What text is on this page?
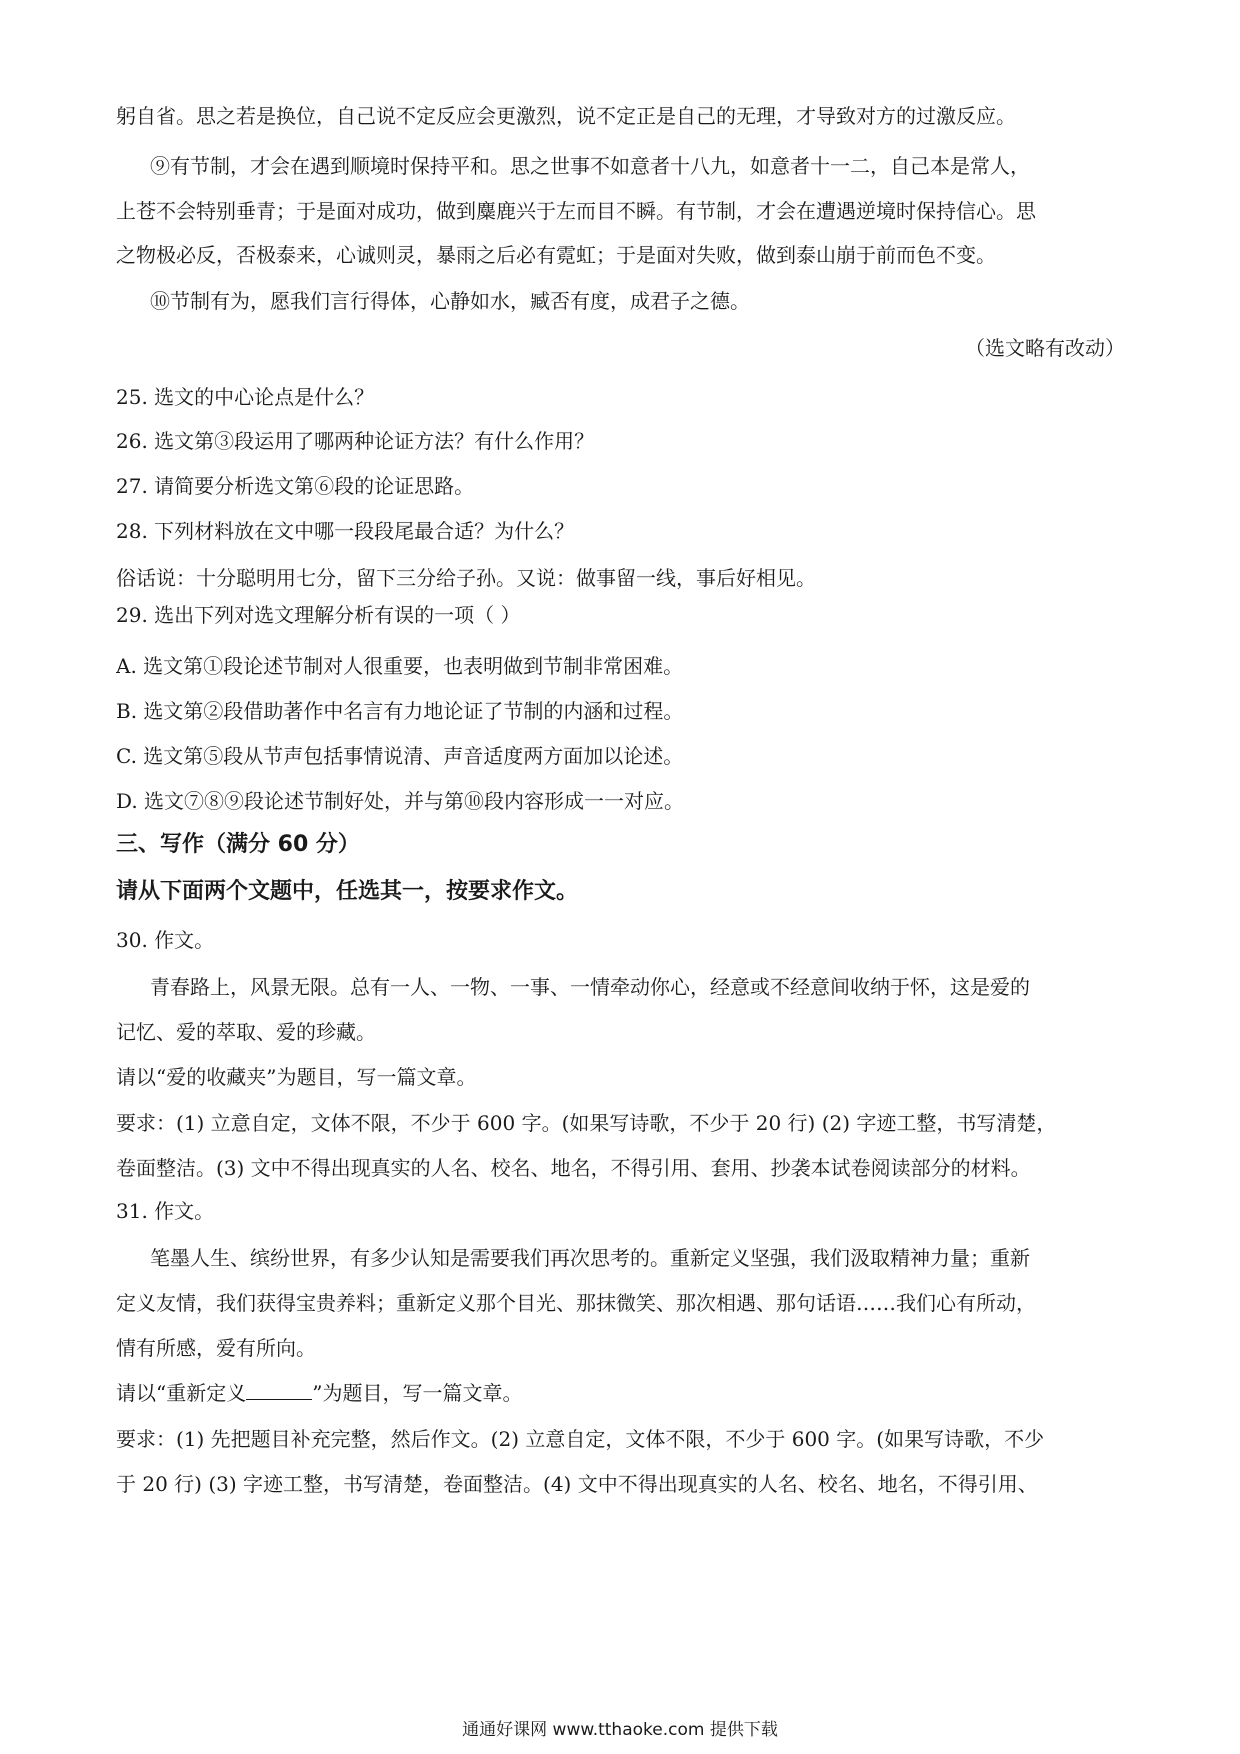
躬自省。思之若是换位，自己说不定反应会更激烈，说不定正是自己的无理，才导致对方的过激反应。
⑨有节制，才会在遇到顺境时保持平和。思之世事不如意者十八九，如意者十一二，自己本是常人，
上苍不会特别垂青；于是面对成功，做到麋鹿兴于左而目不瞬。有节制，才会在遭遇逆境时保持信心。思
之物极必反，否极泰来，心诚则灵，暴雨之后必有霓虹；于是面对失败，做到泰山崩于前而色不变。
⑩节制有为，愿我们言行得体，心静如水，臧否有度，成君子之德。
（选文略有改动）
25. 选文的中心论点是什么？
26. 选文第③段运用了哪两种论证方法？有什么作用？
27. 请简要分析选文第⑥段的论证思路。
28. 下列材料放在文中哪一段段尾最合适？为什么？
俗话说：十分聪明用七分，留下三分给子孙。又说：做事留一线，事后好相见。
29. 选出下列对选文理解分析有误的一项（ ）
A. 选文第①段论述节制对人很重要，也表明做到节制非常困难。
B. 选文第②段借助著作中名言有力地论证了节制的内涵和过程。
C. 选文第⑤段从节声包括事情说清、声音适度两方面加以论述。
D. 选文⑦⑧⑨段论述节制好处，并与第⑩段内容形成一一对应。
三、写作（满分 60 分）
请从下面两个文题中，任选其一，按要求作文。
30. 作文。
青春路上，风景无限。总有一人、一物、一事、一情牵动你心，经意或不经意间收纳于怀，这是爱的
记忆、爱的萃取、爱的珍藏。
请以“爱的收藏夹”为题目，写一篇文章。
要求：(1) 立意自定，文体不限，不少于 600 字。(如果写诗歌，不少于 20 行) (2) 字迹工整，书写清楚，
卷面整洁。(3) 文中不得出现真实的人名、校名、地名，不得引用、套用、抄袭本试卷阅读部分的材料。
31. 作文。
笔墨人生、缤纷世界，有多少认知是需要我们再次思考的。重新定义坚强，我们汲取精神力量；重新
定义友情，我们获得宝贵养料；重新定义那个目光、那抹微笑、那次相遇、那句话语……我们心有所动，
情有所感，爱有所向。
请以“重新定义	”为题目，写一篇文章。
要求：(1) 先把题目补充完整，然后作文。(2) 立意自定，文体不限，不少于 600 字。(如果写诗歌，不少
于 20 行) (3) 字迹工整，书写清楚，卷面整洁。(4) 文中不得出现真实的人名、校名、地名，不得引用、
通通好课网 www.tthaoke.com 提供下载
